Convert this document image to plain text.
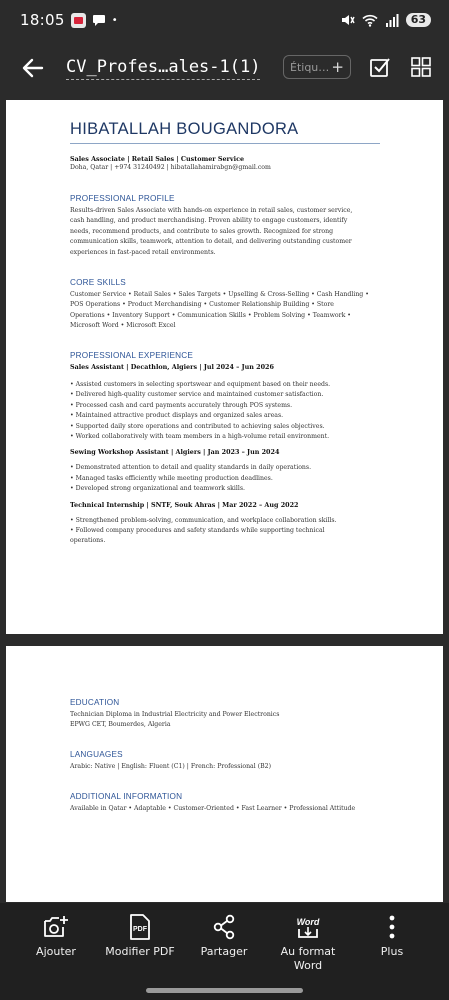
18:05	•	63
CV_Profes…ales-1(1)	Étiqu… +
HIBATALLAH BOUGANDORA
Sales Associate | Retail Sales | Customer Service
Doha, Qatar | +974 31240492 | hibatallahamirabgn@gmail.com
PROFESSIONAL PROFILE
Results-driven Sales Associate with hands-on experience in retail sales, customer service,
cash handling, and product merchandising. Proven ability to engage customers, identify
needs, recommend products, and contribute to sales growth. Recognized for strong
communication skills, teamwork, attention to detail, and delivering outstanding customer
experiences in fast-paced retail environments.
CORE SKILLS
Customer Service • Retail Sales • Sales Targets • Upselling & Cross-Selling • Cash Handling •
POS Operations • Product Merchandising • Customer Relationship Building • Store
Operations • Inventory Support • Communication Skills • Problem Solving • Teamwork •
Microsoft Word • Microsoft Excel
PROFESSIONAL EXPERIENCE
Sales Assistant | Decathlon, Algiers | Jul 2024 – Jun 2026
• Assisted customers in selecting sportswear and equipment based on their needs.
• Delivered high-quality customer service and maintained customer satisfaction.
• Processed cash and card payments accurately through POS systems.
• Maintained attractive product displays and organized sales areas.
• Supported daily store operations and contributed to achieving sales objectives.
• Worked collaboratively with team members in a high-volume retail environment.
Sewing Workshop Assistant | Algiers | Jan 2023 – Jun 2024
• Demonstrated attention to detail and quality standards in daily operations.
• Managed tasks efficiently while meeting production deadlines.
• Developed strong organizational and teamwork skills.
Technical Internship | SNTF, Souk Ahras | Mar 2022 – Aug 2022
• Strengthened problem-solving, communication, and workplace collaboration skills.
• Followed company procedures and safety standards while supporting technical
operations.
EDUCATION
Technician Diploma in Industrial Electricity and Power Electronics
EPWG CET, Boumerdes, Algeria
LANGUAGES
Arabic: Native | English: Fluent (C1) | French: Professional (B2)
ADDITIONAL INFORMATION
Available in Qatar • Adaptable • Customer-Oriented • Fast Learner • Professional Attitude
Ajouter
PDF
Modifier PDF	Partager
Word
Au format Word
Plus
